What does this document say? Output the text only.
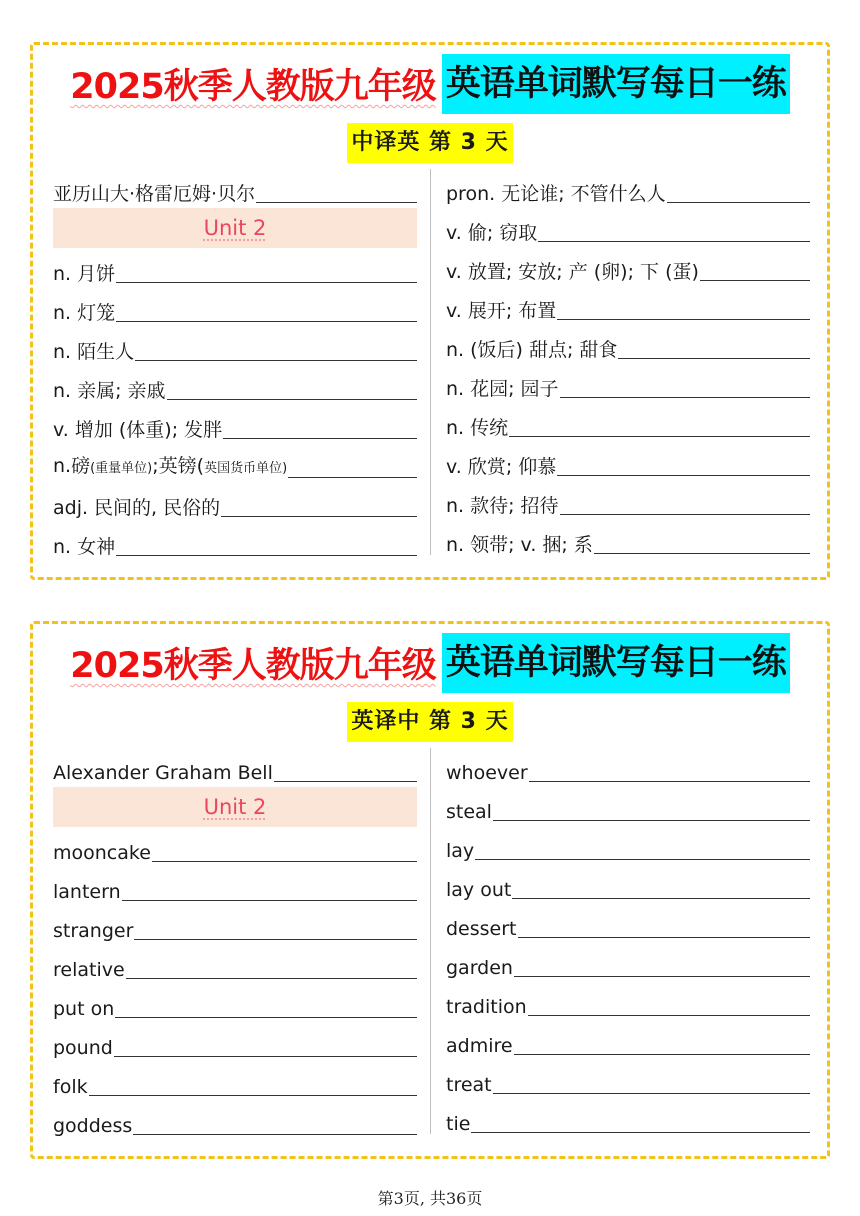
2025秋季人教版九年级 英语单词默写每日一练
中译英 第 3 天
亚历山大·格雷厄姆·贝尔
Unit 2
n. 月饼
n. 灯笼
n. 陌生人
n. 亲属; 亲戚
v. 增加 (体重); 发胖
n.磅(重量单位);英镑(英国货币单位)
adj. 民间的, 民俗的
n. 女神
pron. 无论谁; 不管什么人
v. 偷; 窃取
v. 放置; 安放; 产 (卵); 下 (蛋)
v. 展开; 布置
n. (饭后) 甜点; 甜食
n. 花园; 园子
n. 传统
v. 欣赏; 仰慕
n. 款待; 招待
n. 领带; v. 捆; 系
2025秋季人教版九年级 英语单词默写每日一练
英译中 第 3 天
Alexander Graham Bell
Unit 2
mooncake
lantern
stranger
relative
put on
pound
folk
goddess
whoever
steal
lay
lay out
dessert
garden
tradition
admire
treat
tie
第3页, 共36页
